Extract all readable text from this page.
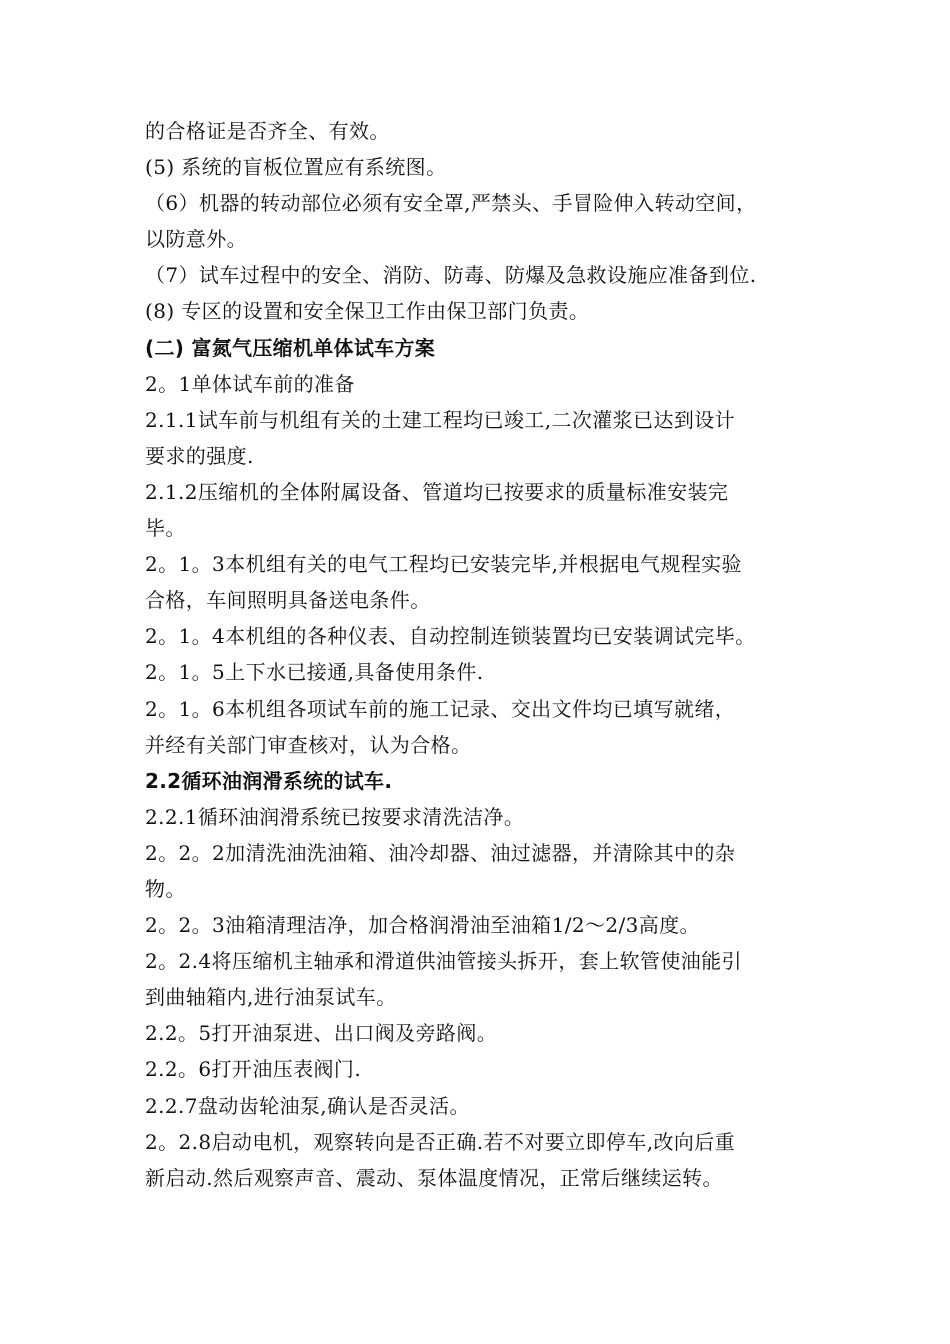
的合格证是否齐全、有效。
(5) 系统的盲板位置应有系统图。
（6）机器的转动部位必须有安全罩,严禁头、手冒险伸入转动空间，
以防意外。
（7）试车过程中的安全、消防、防毒、防爆及急救设施应准备到位.
(8) 专区的设置和安全保卫工作由保卫部门负责。
(二) 富氮气压缩机单体试车方案
2。1单体试车前的准备
2.1.1试车前与机组有关的土建工程均已竣工,二次灌浆已达到设计
要求的强度.
2.1.2压缩机的全体附属设备、管道均已按要求的质量标准安装完
毕。
2。1。3本机组有关的电气工程均已安装完毕,并根据电气规程实验
合格，车间照明具备送电条件。
2。1。4本机组的各种仪表、自动控制连锁装置均已安装调试完毕。
2。1。5上下水已接通,具备使用条件.
2。1。6本机组各项试车前的施工记录、交出文件均已填写就绪，
并经有关部门审查核对，认为合格。
2.2循环油润滑系统的试车.
2.2.1循环油润滑系统已按要求清洗洁净。
2。2。2加清洗油洗油箱、油冷却器、油过滤器，并清除其中的杂
物。
2。2。3油箱清理洁净，加合格润滑油至油箱1/2～2/3高度。
2。2.4将压缩机主轴承和滑道供油管接头拆开，套上软管使油能引
到曲轴箱内,进行油泵试车。
2.2。5打开油泵进、出口阀及旁路阀。
2.2。6打开油压表阀门.
2.2.7盘动齿轮油泵,确认是否灵活。
2。2.8启动电机，观察转向是否正确.若不对要立即停车,改向后重
新启动.然后观察声音、震动、泵体温度情况，正常后继续运转。
